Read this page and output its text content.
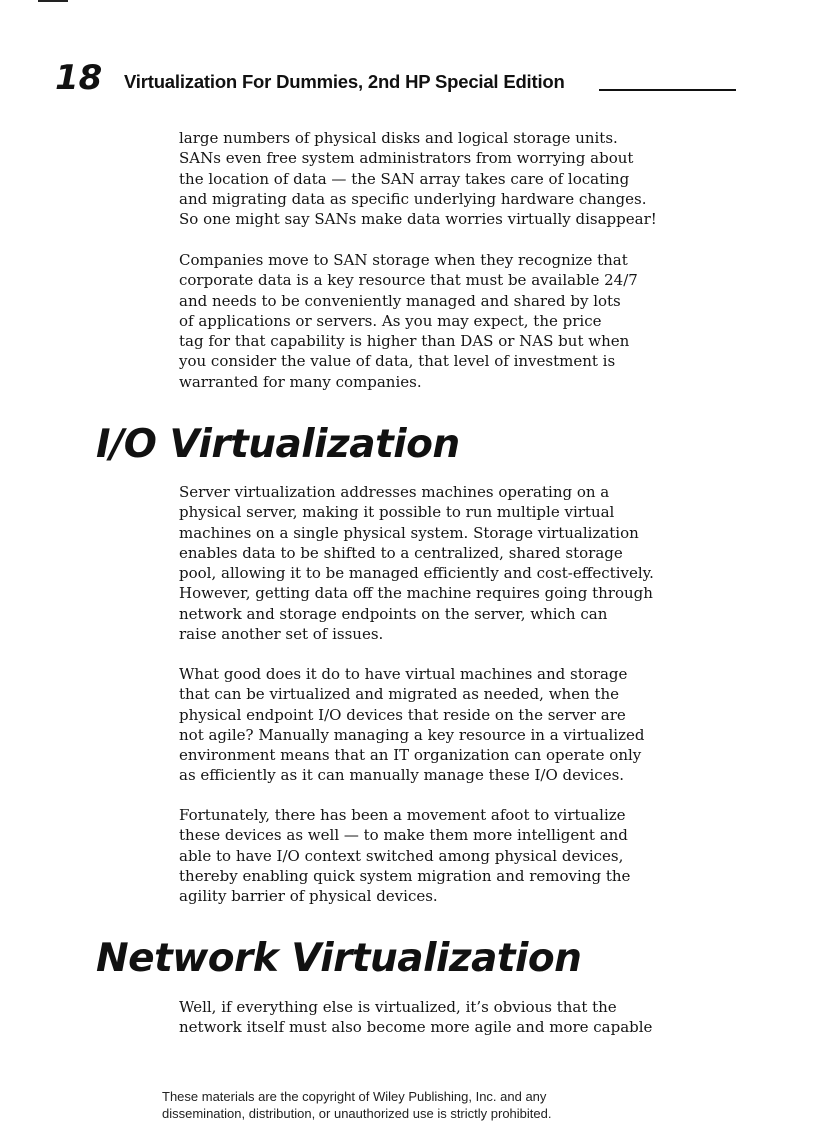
18 Virtualization For Dummies, 2nd HP Special Edition

large numbers of physical disks and logical storage units.
SANs even free system administrators from worrying about
the location of data — the SAN array takes care of locating
and migrating data as specific underlying hardware changes.
So one might say SANs make data worries virtually disappear!

Companies move to SAN storage when they recognize that
corporate data is a key resource that must be available 24/7
and needs to be conveniently managed and shared by lots
of applications or servers. As you may expect, the price
tag for that capability is higher than DAS or NAS but when
you consider the value of data, that level of investment is
warranted for many companies.

I/O Virtualization

Server virtualization addresses machines operating on a
physical server, making it possible to run multiple virtual
machines on a single physical system. Storage virtualization
enables data to be shifted to a centralized, shared storage
pool, allowing it to be managed efficiently and cost-effectively.
However, getting data off the machine requires going through
network and storage endpoints on the server, which can
raise another set of issues.

What good does it do to have virtual machines and storage
that can be virtualized and migrated as needed, when the
physical endpoint I/O devices that reside on the server are
not agile? Manually managing a key resource in a virtualized
environment means that an IT organization can operate only
as efficiently as it can manually manage these I/O devices.

Fortunately, there has been a movement afoot to virtualize
these devices as well — to make them more intelligent and
able to have I/O context switched among physical devices,
thereby enabling quick system migration and removing the
agility barrier of physical devices.

Network Virtualization

Well, if everything else is virtualized, it’s obvious that the
network itself must also become more agile and more capable

These materials are the copyright of Wiley Publishing, Inc. and any
dissemination, distribution, or unauthorized use is strictly prohibited.
